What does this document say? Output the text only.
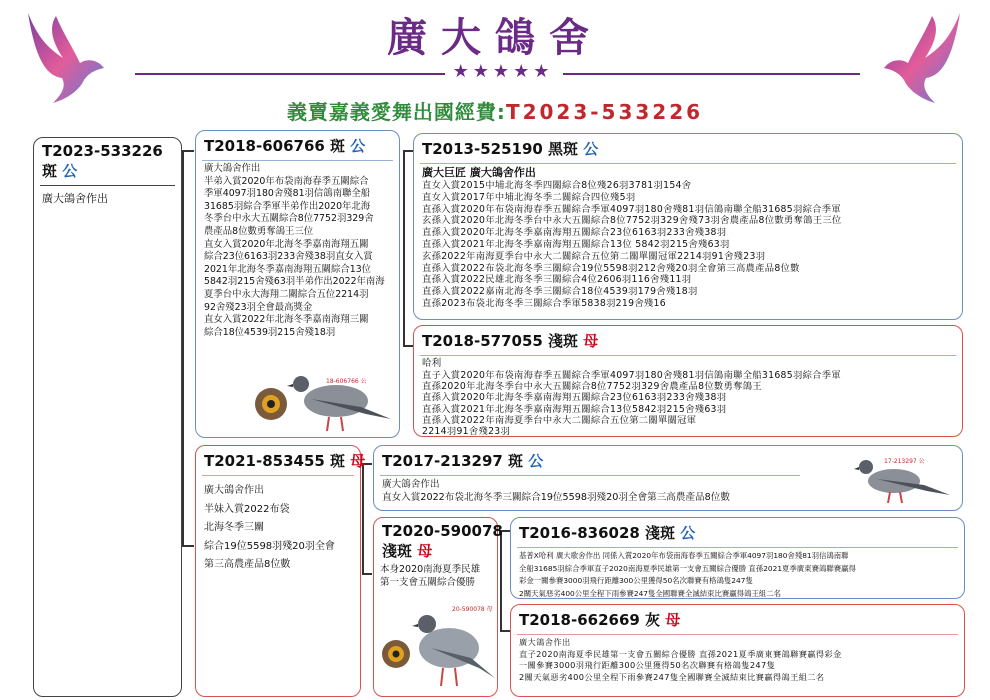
廣大鴿舍
★★★★★
義賣嘉義愛舞出國經費:T2023-533226
T2023-533226
斑 公
廣大鴿舍作出
T2018-606766 斑 公
廣大鴿舍作出
半弟入賞2020年布袋南海春季五關綜合
季軍4097羽180舍殘81羽信鴿南聯全船
31685羽綜合季軍半弟作出2020年北海
冬季台中永大五關綜合8位7752羽329舍
農產品8位數勇奪鴿王三位
直女入賞2020年北海冬季嘉南海翔五關
綜合23位6163羽233舍殘38羽直女入賞
2021年北海冬季嘉南海翔五關綜合13位
5842羽215舍殘63羽半弟作出2022年南海
夏季台中永大海翔二關綜合五位2214羽
92舍殘23羽全會最高獎金
直女入賞2022年北海冬季嘉南海翔三關
綜合18位4539羽215舍殘18羽
18-606766 公
T2013-525190 黑斑 公
廣大巨匠 廣大鴿舍作出
直女入賞2015中埔北海冬季四關綜合8位殘26羽3781羽154舍
直女入賞2017年中埔北海冬季二關綜合四位殘5羽
直孫入賞2020年布袋南海春季五關綜合季軍4097羽180舍殘81羽信鴿南聯全船31685羽綜合季軍
玄孫入賞2020年北海冬季台中永大五關綜合8位7752羽329舍殘73羽舍農產品8位數勇奪鴿王三位
直孫入賞2020年北海冬季嘉南海翔五關綜合23位6163羽233舍殘38羽
直孫入賞2021年北海冬季嘉南海翔五關綜合13位 5842羽215舍殘63羽
玄孫2022年南海夏季台中永大二關綜合五位第二關單關冠軍2214羽91舍殘23羽
直孫入賞2022布袋北海冬季三關綜合19位5598羽212舍殘20羽全會第三高農產品8位數
直孫入賞2022民雄北海冬季三關綜合4位2606羽116舍殘11羽
直孫入賞2022嘉南北海冬季三關綜合18位4539羽179舍殘18羽
直孫2023布袋北海冬季三關綜合季軍5838羽219舍殘16
T2018-577055 淺斑 母
哈利
直子入賞2020年布袋南海春季五關綜合季軍4097羽180舍殘81羽信鴿南聯全船31685羽綜合季軍
直孫2020年北海冬季台中永大五關綜合8位7752羽329舍農產品8位數勇奪鴿王
直孫入賞2020年北海冬季嘉南海翔五關綜合23位6163羽233舍殘38羽
直孫入賞2021年北海冬季嘉南海翔五關綜合13位5842羽215舍殘63羽
直孫入賞2022年南海夏季台中永大二關綜合五位第二關單關冠軍
2214羽91舍殘23羽
T2021-853455 斑 母
廣大鴿舍作出
半妹入賞2022布袋
北海冬季三關
綜合19位5598羽殘20羽全會
第三高農產品8位數
T2017-213297 斑 公
廣大鴿舍作出
直女入賞2022布袋北海冬季三關綜合19位5598羽殘20羽全會第三高農產品8位數
17-213297 公
T2020-590078
淺斑 母
本身2020南海夏季民雄
第一支會五關綜合優勝
20-590078 母
T2016-836028 淺斑 公
基普X哈利 廣大歌舍作出 同係入賞2020年布袋南海春季五關綜合季軍4097羽180舍殘81羽信鴿南聯
全船31685羽綜合季軍直子2020南海夏季民雄第一支會五關綜合優勝 直孫2021夏季廣東賽鴿聯賽贏得
彩金一關參賽3000羽飛行距離300公里獲得50名次聯賽有格鴿隻247隻
2關天氣惡劣400公里全程下雨參賽247隻全國聯賽全滅結束比賽贏得鴿王組二名
T2018-662669 灰 母
廣大鴿舍作出
直子2020南海夏季民雄第一支會五關綜合優勝 直孫2021夏季廣東賽鴿聯賽贏得彩金
一關參賽3000羽飛行距離300公里獲得50名次聯賽有格鴿隻247隻
2關天氣惡劣400公里全程下雨參賽247隻全國聯賽全滅結束比賽贏得鴿王組二名
